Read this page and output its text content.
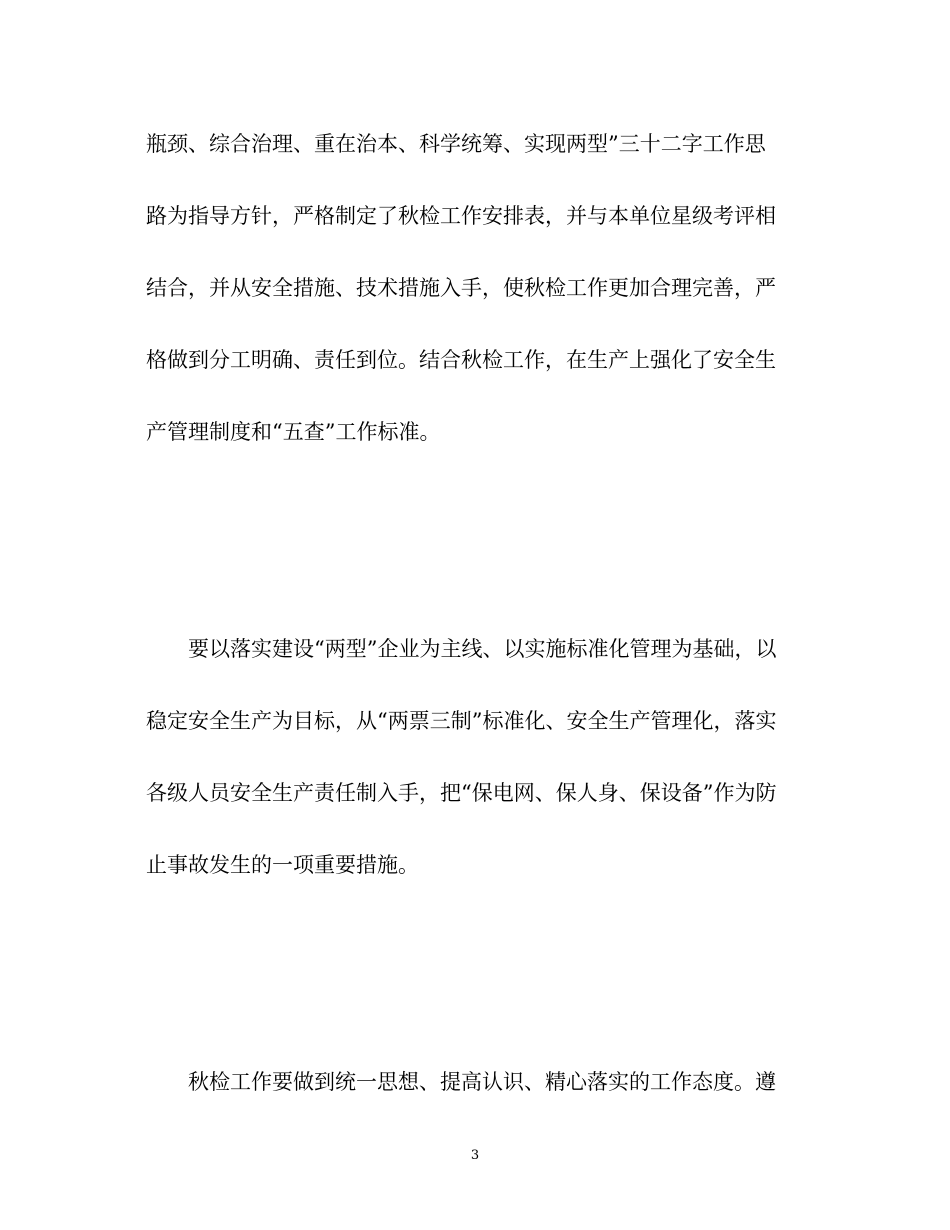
瓶颈、综合治理、重在治本、科学统筹、实现两型”三十二字工作思
路为指导方针，严格制定了秋检工作安排表，并与本单位星级考评相
结合，并从安全措施、技术措施入手，使秋检工作更加合理完善，严
格做到分工明确、责任到位。结合秋检工作，在生产上强化了安全生
产管理制度和“五查”工作标准。
要以落实建设“两型”企业为主线、以实施标准化管理为基础，以
稳定安全生产为目标，从“两票三制”标准化、安全生产管理化，落实
各级人员安全生产责任制入手，把“保电网、保人身、保设备”作为防
止事故发生的一项重要措施。
秋检工作要做到统一思想、提高认识、精心落实的工作态度。遵
3
